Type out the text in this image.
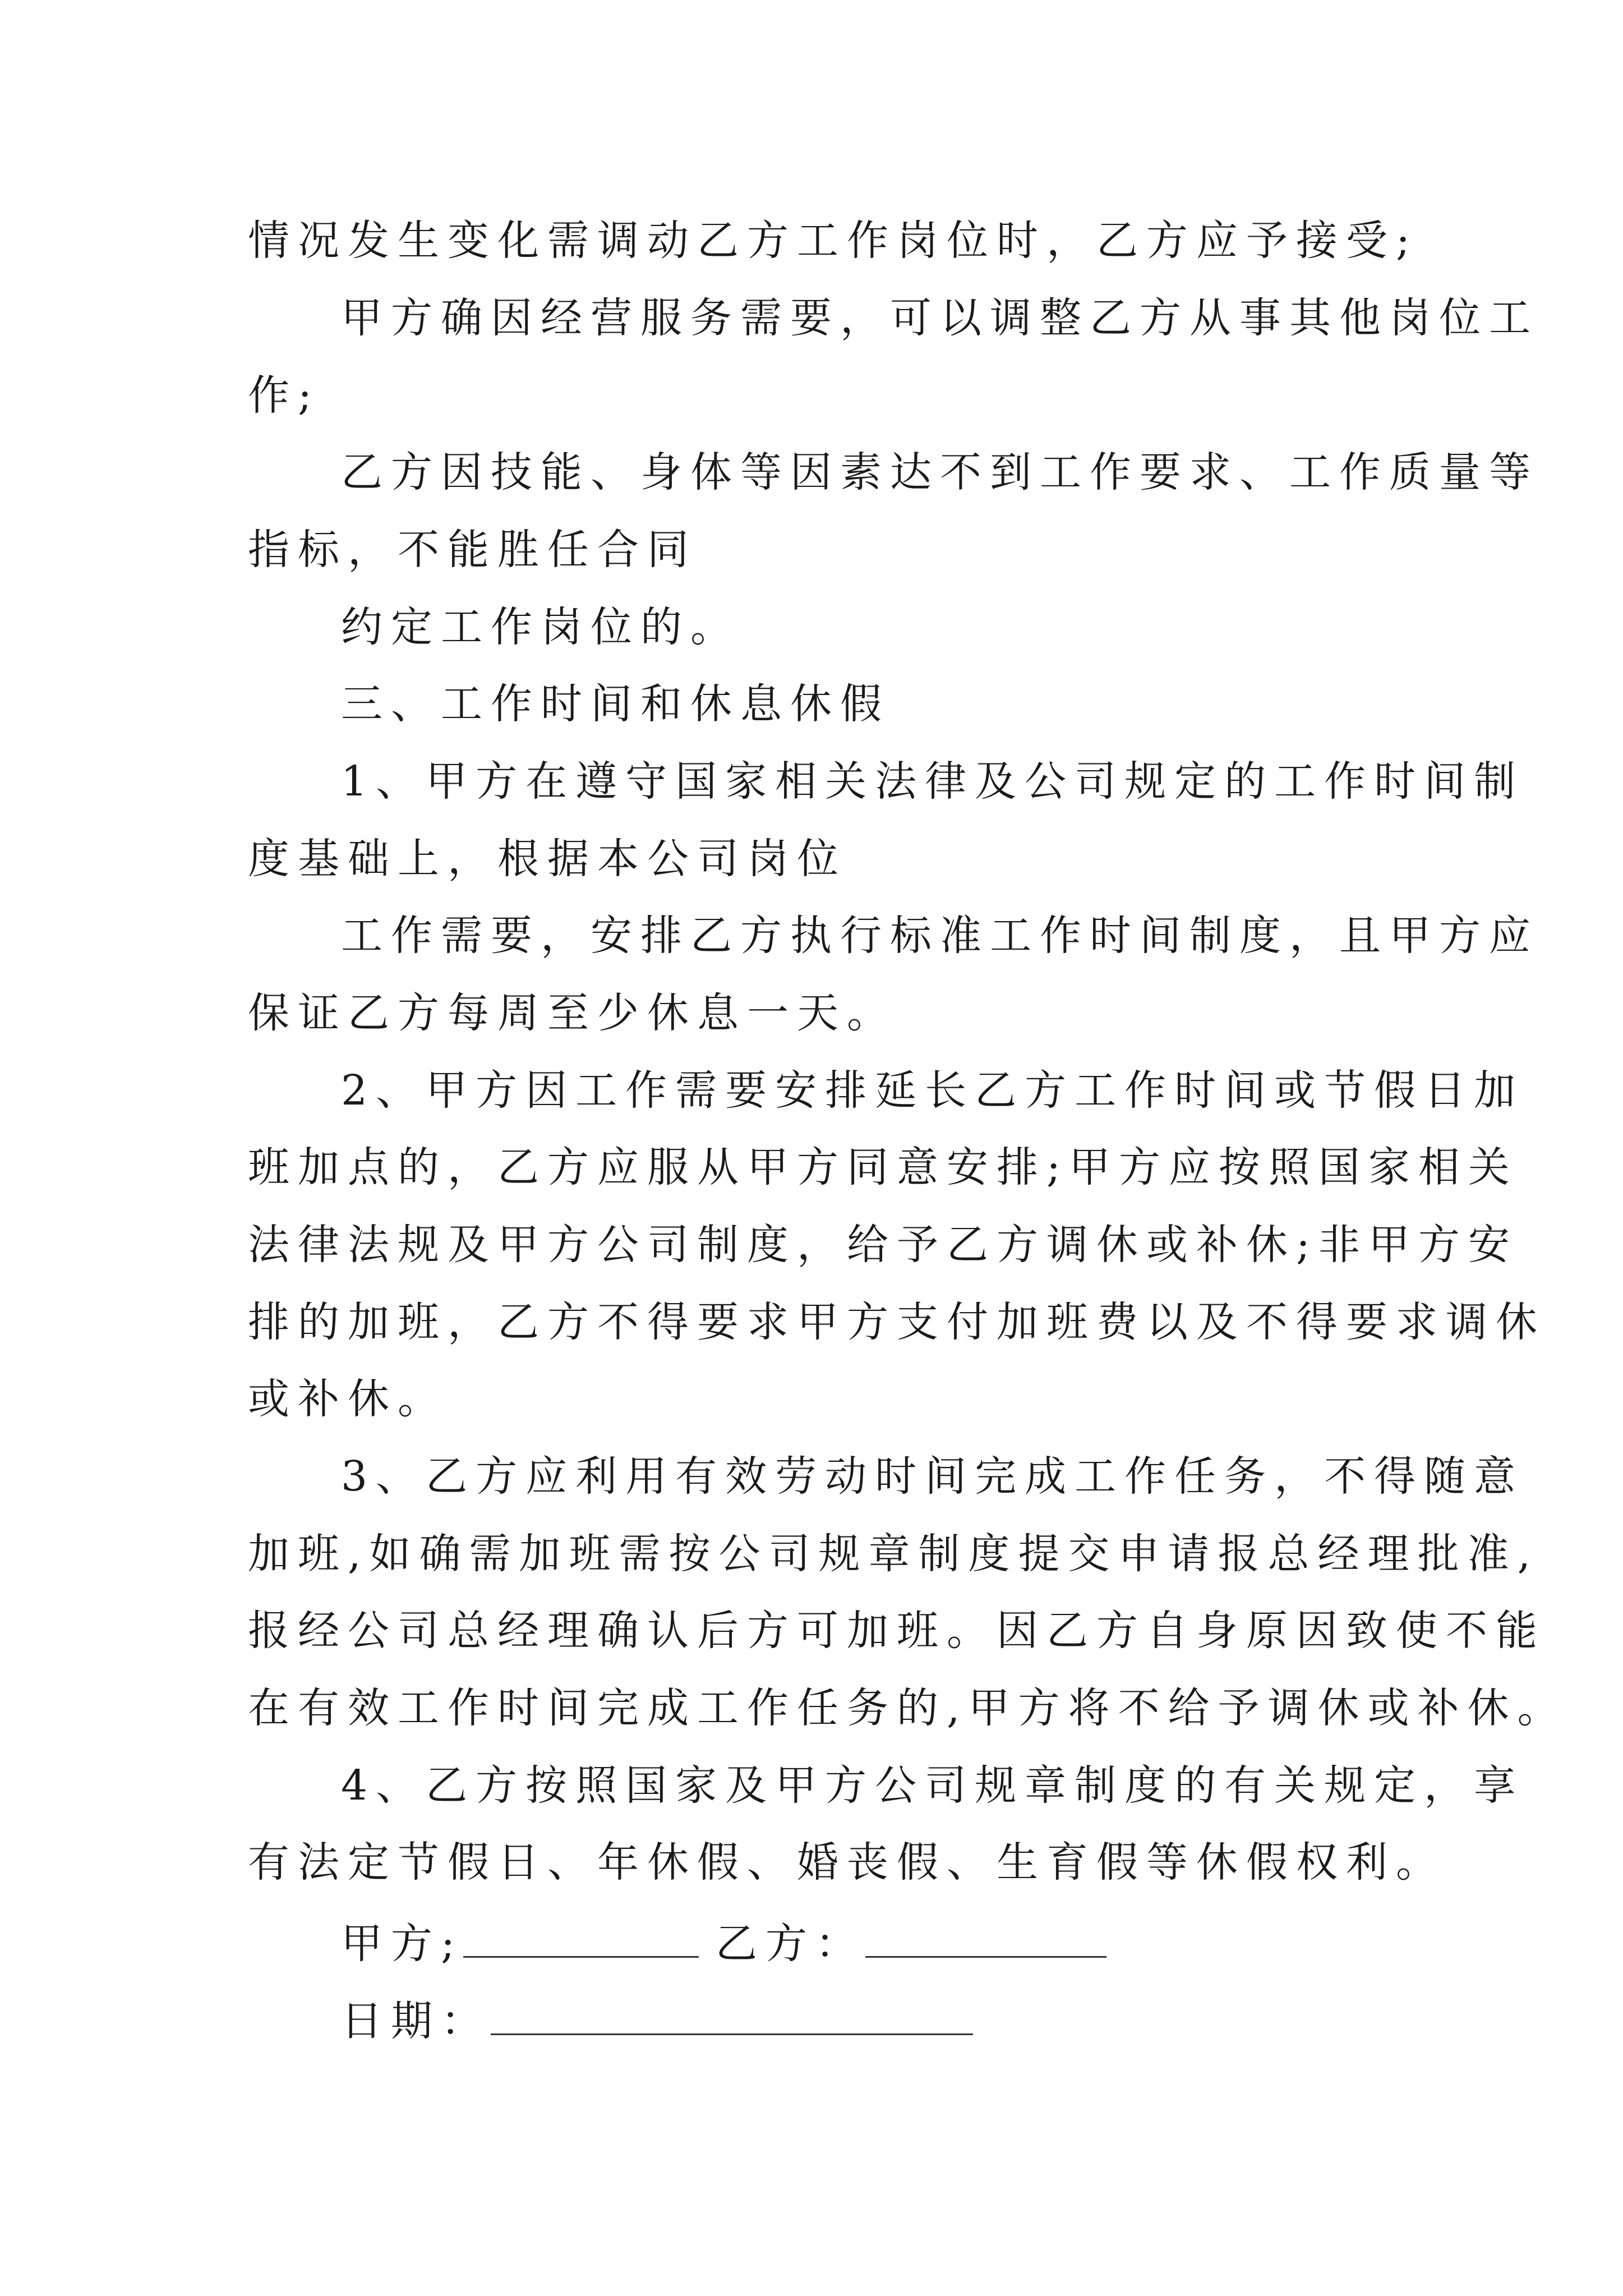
情况发生变化需调动乙方工作岗位时，乙方应予接受;
甲方确因经营服务需要，可以调整乙方从事其他岗位工
作;
乙方因技能、身体等因素达不到工作要求、工作质量等
指标，不能胜任合同
约定工作岗位的。
三、工作时间和休息休假
1、甲方在遵守国家相关法律及公司规定的工作时间制
度基础上，根据本公司岗位
工作需要，安排乙方执行标准工作时间制度，且甲方应
保证乙方每周至少休息一天。
2、甲方因工作需要安排延长乙方工作时间或节假日加
班加点的，乙方应服从甲方同意安排;甲方应按照国家相关
法律法规及甲方公司制度，给予乙方调休或补休;非甲方安
排的加班，乙方不得要求甲方支付加班费以及不得要求调休
或补休。
3、乙方应利用有效劳动时间完成工作任务，不得随意
加班,如确需加班需按公司规章制度提交申请报总经理批准,
报经公司总经理确认后方可加班。因乙方自身原因致使不能
在有效工作时间完成工作任务的,甲方将不给予调休或补休。
4、乙方按照国家及甲方公司规章制度的有关规定，享
有法定节假日、年休假、婚丧假、生育假等休假权利。
甲方;	乙方：
日期：
